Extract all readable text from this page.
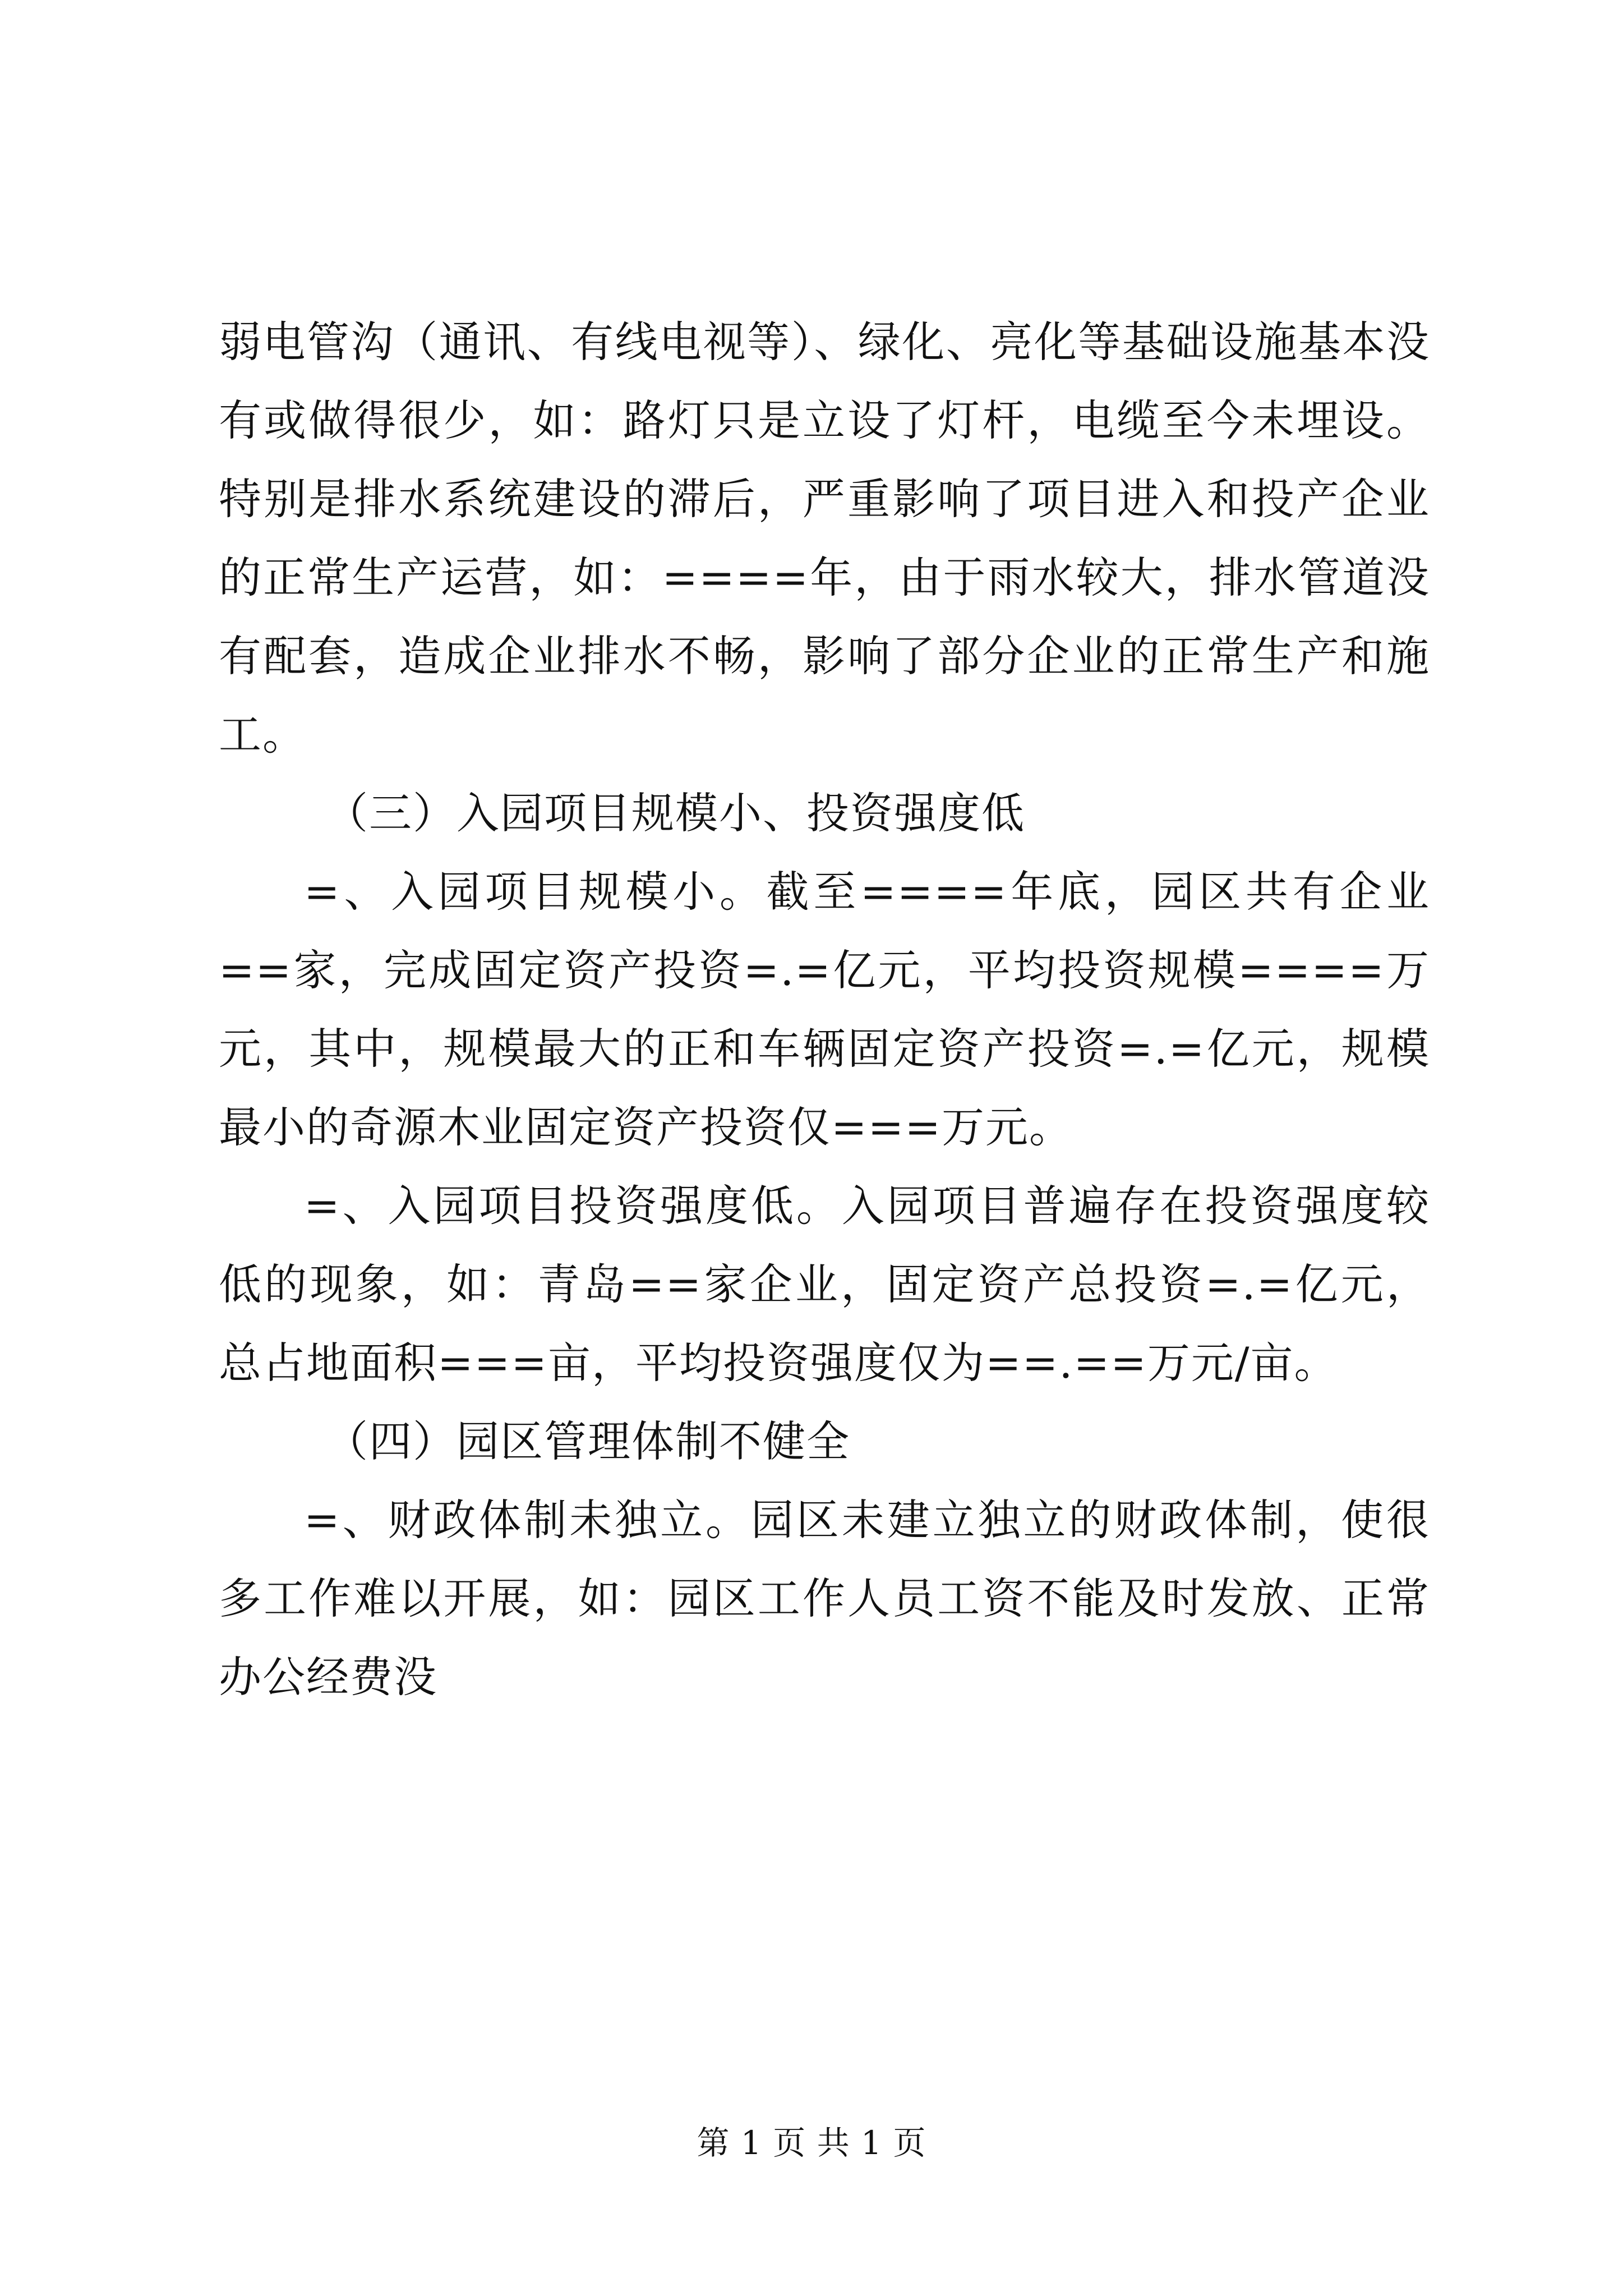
弱电管沟（通讯、有线电视等）、绿化、亮化等基础设施基本没有或做得很少，如：路灯只是立设了灯杆，电缆至今未埋设。特别是排水系统建设的滞后，严重影响了项目进入和投产企业的正常生产运营，如：====年，由于雨水较大，排水管道没有配套，造成企业排水不畅，影响了部分企业的正常生产和施工。

（三）入园项目规模小、投资强度低

=、入园项目规模小。截至====年底，园区共有企业==家，完成固定资产投资=.=亿元，平均投资规模====万元，其中，规模最大的正和车辆固定资产投资=.=亿元，规模最小的奇源木业固定资产投资仅===万元。

=、入园项目投资强度低。入园项目普遍存在投资强度较低的现象，如：青岛==家企业，固定资产总投资=.=亿元，总占地面积===亩，平均投资强度仅为==.==万元/亩。

（四）园区管理体制不健全

=、财政体制未独立。园区未建立独立的财政体制，使很多工作难以开展，如：园区工作人员工资不能及时发放、正常办公经费没

第 1 页 共 1 页
